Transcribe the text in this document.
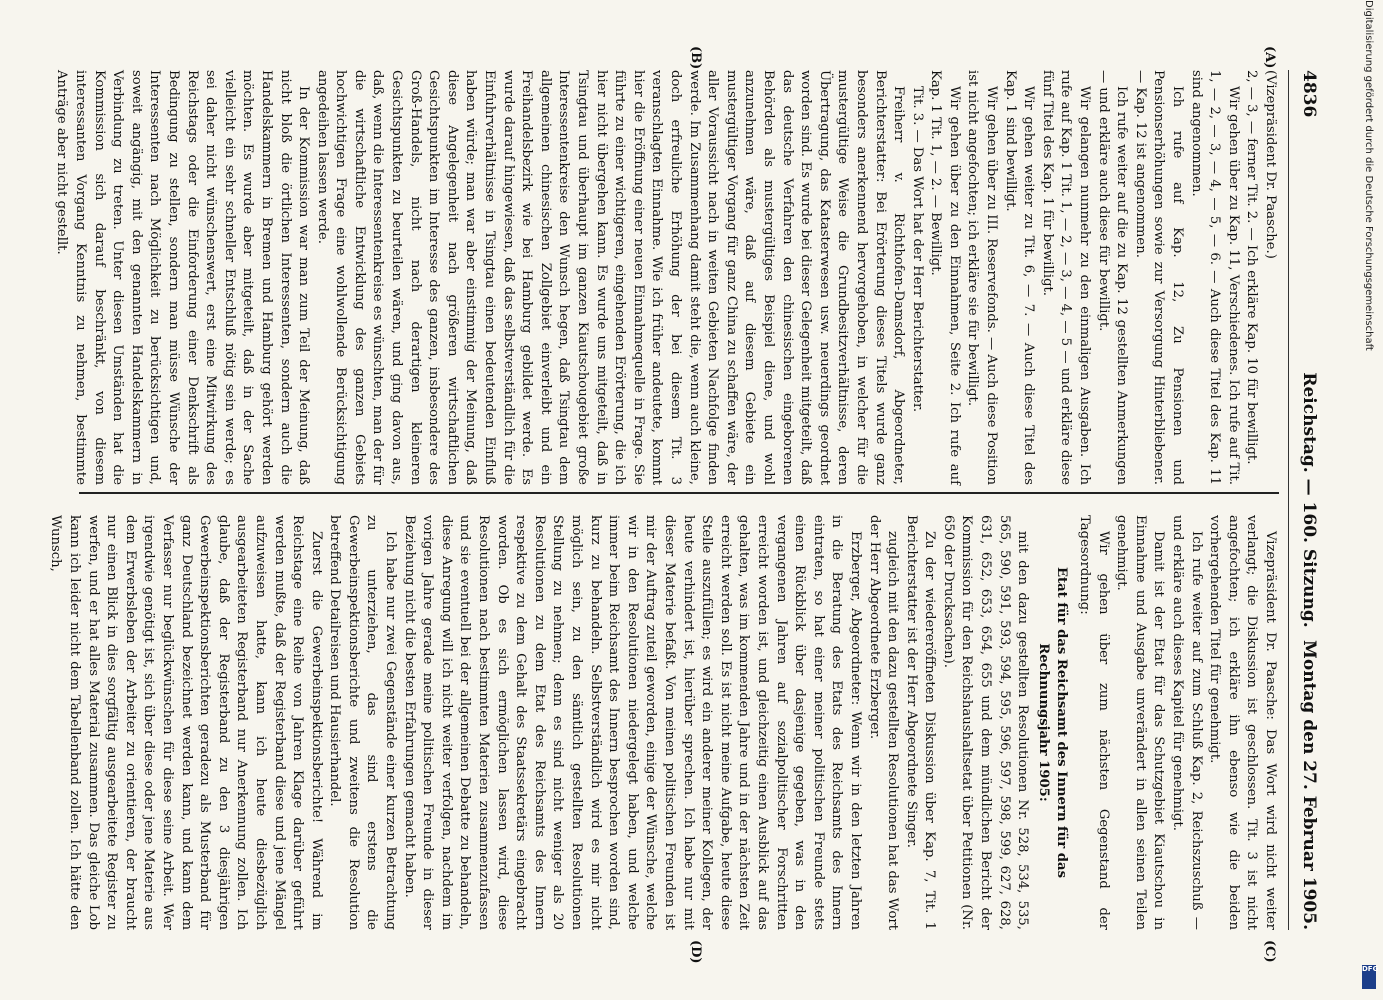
4836
Reichstag. — 160. Sitzung.
Montag den 27. Februar 1905.
(A)
(B)
(C)
(D)

(Vizepräsident Dr. Paasche.)

2, — 3, — ferner Tit. 2. — Ich erkläre Kap. 10 für bewilligt.

Wir gehen über zu Kap. 11, Verschiedenes. Ich rufe auf Tit. 1, — 2, — 3, — 4, — 5, — 6. — Auch diese Titel des Kap. 11 sind angenommen.

Ich rufe auf Kap. 12, Zu Pensionen und Pensionserhöhungen sowie zur Versorgung Hinterbliebener. — Kap. 12 ist angenommen.

Ich rufe weiter auf die zu Kap. 12 gestellten Anmerkungen — und erkläre auch diese für bewilligt.

Wir gelangen nunmehr zu den einmaligen Ausgaben. Ich rufe auf Kap. 1 Tit. 1, — 2, — 3, — 4, — 5 — und erkläre diese fünf Titel des Kap. 1 für bewilligt.

Wir gehen weiter zu Tit. 6, — 7. — Auch diese Titel des Kap. 1 sind bewilligt.

Wir gehen über zu III. Reservefonds. — Auch diese Position ist nicht angefochten; ich erkläre sie für bewilligt.

Wir gehen über zu den Einnahmen, Seite 2. Ich rufe auf Kap. 1 Tit. 1, — 2. — Bewilligt.

Tit. 3. — Das Wort hat der Herr Berichterstatter.

Freiherr v. Richthofen-Damsdorf, Abgeordneter, Berichterstatter: Bei Erörterung dieses Titels wurde ganz besonders anerkennend hervorgehoben, in welcher für die mustergültige Weise die Grundbesitzverhältnisse, deren Übertragung, das Katasterwesen usw. neuerdings geordnet worden sind. Es wurde bei dieser Gelegenheit mitgeteilt, daß das deutsche Verfahren den chinesischen eingeborenen Behörden als mustergültiges Beispiel diene, und wohl anzunehmen wäre, daß auf diesem Gebiete ein mustergültiger Vorgang für ganz China zu schaffen wäre, der aller Voraussicht nach in weiten Gebieten Nachfolge finden werde. Im Zusammenhang damit steht die, wenn auch kleine, doch erfreuliche Erhöhung der bei diesem Tit. 3 veranschlagten Einnahme. Wie ich früher andeutete, kommt hier die Eröffnung einer neuen Einnahmequelle in Frage. Sie führte zu einer wichtigeren, eingehenden Erörterung, die ich hier nicht übergehen kann. Es wurde uns mitgeteilt, daß in Tsingtau und überhaupt im ganzen Kiautschougebiet große Interessentenkreise den Wunsch hegen, daß Tsingtau dem allgemeinen chinesischen Zollgebiet einverleibt und ein Freihandelsbezirk wie bei Hamburg gebildet werde. Es wurde darauf hingewiesen, daß das selbstverständlich für die Einfuhrverhältnisse in Tsingtau einen bedeutenden Einfluß haben würde; man war aber einstimmig der Meinung, daß diese Angelegenheit nach größeren wirtschaftlichen Gesichtspunkten im Interesse des ganzen, insbesondere des Groß-Handels, nicht nach derartigen kleineren Gesichtspunkten zu beurteilen wären, und ging davon aus, daß, wenn die Interessentenkreise es wünschten, man der für die wirtschaftliche Entwicklung des ganzen Gebiets hochwichtigen Frage eine wohlwollende Berücksichtigung angedeihen lassen werde.

In der Kommission war man zum Teil der Meinung, daß nicht bloß die örtlichen Interessenten, sondern auch die Handelskammern in Bremen und Hamburg gehört werden möchten. Es wurde aber mitgeteilt, daß in der Sache vielleicht ein sehr schneller Entschluß nötig sein werde; es sei daher nicht wünschenswert, erst eine Mitwirkung des Reichstags oder die Einforderung einer Denkschrift als Bedingung zu stellen, sondern man müsse Wünsche der Interessenten nach Möglichkeit zu berücksichtigen und, soweit angängig, mit den genannten Handelskammern in Verbindung zu treten. Unter diesen Umständen hat die Kommission sich darauf beschränkt, von diesem interessanten Vorgang Kenntnis zu nehmen, bestimmte Anträge aber nicht gestellt.

Vizepräsident Dr. Paasche: Das Wort wird nicht weiter verlangt; die Diskussion ist geschlossen. Tit. 3 ist nicht angefochten; ich erkläre ihn ebenso wie die beiden vorhergehenden Titel für genehmigt.

Ich rufe weiter auf zum Schluß Kap. 2, Reichszuschuß — und erkläre auch dieses Kapitel für genehmigt.

Damit ist der Etat für das Schutzgebiet Kiautschou in Einnahme und Ausgabe unverändert in allen seinen Teilen genehmigt.

Wir gehen über zum nächsten Gegenstand der Tagesordnung:

Etat für das Reichsamt des Innern für das Rechnungsjahr 1905:

mit den dazu gestellten Resolutionen Nr. 528, 534, 535, 565, 590, 591, 593, 594, 595, 596, 597, 598, 599, 627, 628, 631, 652, 653, 654, 655 und dem mündlichen Bericht der Kommission für den Reichshaushaltsetat über Petitionen (Nr. 650 der Drucksachen).

Zu der wiedereröffneten Diskussion über Kap. 7, Tit. 1 Berichterstatter ist der Herr Abgeordnete Singer.

zugleich mit den dazu gestellten Resolutionen hat das Wort der Herr Abgeordnete Erzberger.

Erzberger, Abgeordneter: Wenn wir in den letzten Jahren in die Beratung des Etats des Reichsamts des Innern eintraten, so hat einer meiner politischen Freunde stets einen Rückblick über dasjenige gegeben, was in den vergangenen Jahren auf sozialpolitischer Forschritten erreicht worden ist, und gleichzeitig einen Ausblick auf das gehalten, was im kommenden Jahre und in der nächsten Zeit erreicht werden soll. Es ist nicht meine Aufgabe, heute diese Stelle auszufüllen; es wird ein anderer meiner Kollegen, der heute verhindert ist, hierüber sprechen. Ich habe nur mit dieser Materie befaßt. Von meinen politischen Freunden ist mir der Auftrag zuteil geworden, einige der Wünsche, welche wir in den Resolutionen niedergelegt haben, und welche immer beim Reichsamt des Innern besprochen worden sind, kurz zu behandeln. Selbstverständlich wird es mir nicht möglich sein, zu den sämtlich gestellten Resolutionen Stellung zu nehmen; denn es sind nicht weniger als 20 Resolutionen zu dem Etat des Reichsamts des Innern respektive zu dem Gehalt des Staatssekretärs eingebracht worden. Ob es sich ermöglichen lassen wird, diese Resolutionen nach bestimmten Materien zusammenzufassen und sie eventuell bei der allgemeinen Debatte zu behandeln, diese Anregung will ich nicht weiter verfolgen, nachdem im vorigen Jahre gerade meine politischen Freunde in dieser Beziehung nicht die besten Erfahrungen gemacht haben.

Ich habe nur zwei Gegenstände einer kurzen Betrachtung zu unterziehen, das sind erstens die Gewerbeinspektionsberichte und zweitens die Resolution betreffend Detailreisen und Hausierhandel.

Zuerst die Gewerbeinspektionsberichte! Während im Reichstage eine Reihe von Jahren Klage darüber geführt werden mußte, daß der Registerband diese und jene Mängel aufzuweisen hatte, kann ich heute diesbezüglich ausgearbeiteten Registerband nur Anerkennung zollen. Ich glaube, daß der Registerband zu den 3 diesjährigen Gewerbeinspektionsberichten geradezu als Musterband für ganz Deutschland bezeichnet werden kann, und kann dem Verfasser nur beglückwünschen für diese seine Arbeit. Wer irgendwie genötigt ist, sich über diese oder jene Materie aus dem Erwerbsleben der Arbeiter zu orientieren, der braucht nur einen Blick in dies sorgfältig ausgearbeitete Register zu werfen, und er hat alles Material zusammen. Das gleiche Lob kann ich leider nicht dem Tabellenband zollen. Ich hätte den Wunsch,

Digitalisierung gefördert durch die Deutsche Forschungsgemeinschaft
DFG
